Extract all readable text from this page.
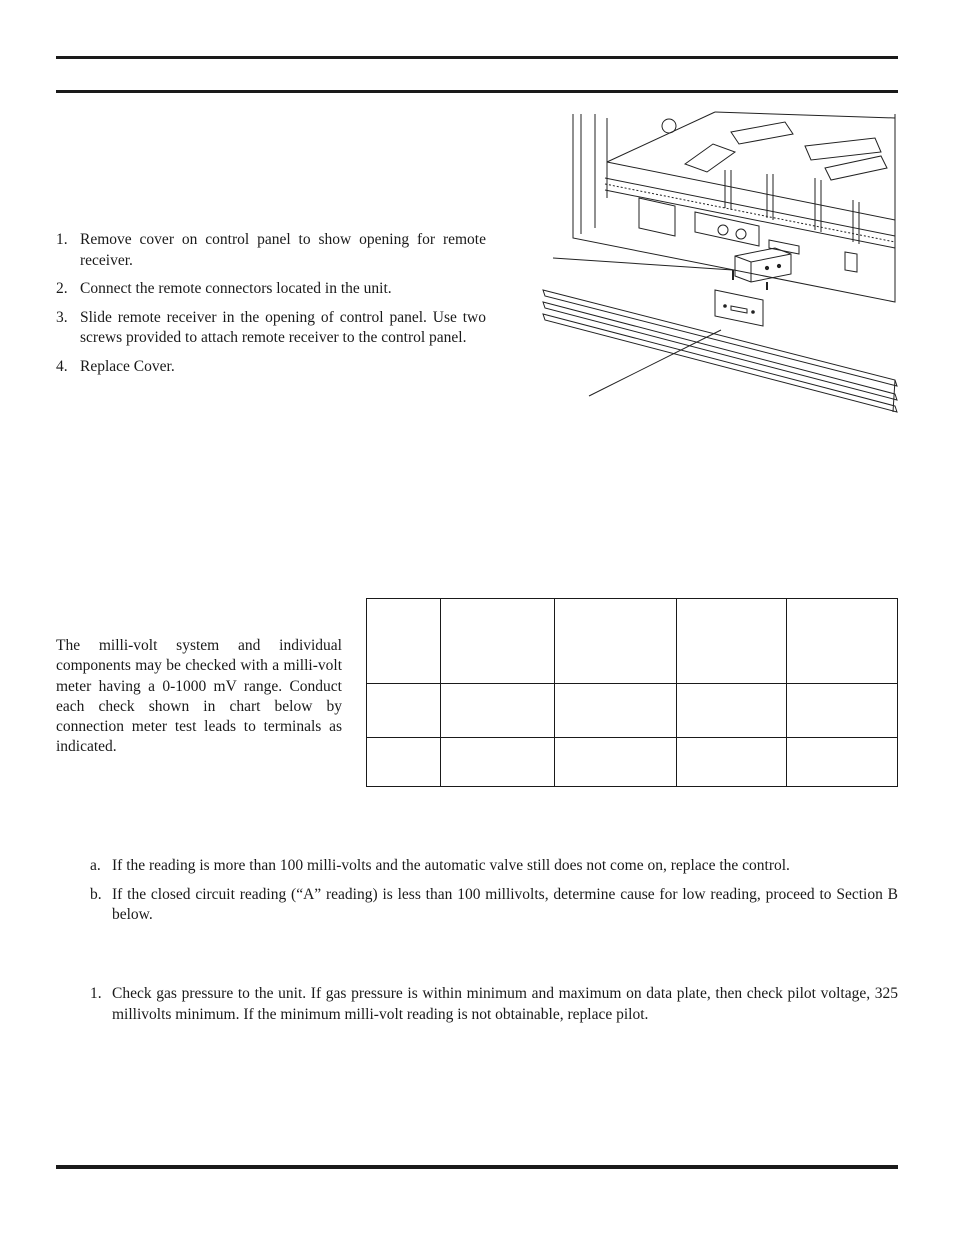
1. Remove cover on control panel to show opening for remote receiver.
2. Connect the remote connectors located in the unit.
3. Slide remote receiver in the opening of control panel. Use two screws provided to attach remote receiver to the control panel.
4. Replace Cover.

The milli-volt system and individual components may be checked with a milli-volt meter having a 0-1000 mV range. Conduct each check shown in chart below by connection meter test leads to terminals as indicated.

a. If the reading is more than 100 milli-volts and the automatic valve still does not come on, replace the control.
b. If the closed circuit reading (“A” reading) is less than 100 millivolts, determine cause for low reading, proceed to Section B below.
1. Check gas pressure to the unit. If gas pressure is within minimum and maximum on data plate, then check pilot voltage, 325 millivolts minimum. If the minimum milli-volt reading is not obtainable, replace pilot.
